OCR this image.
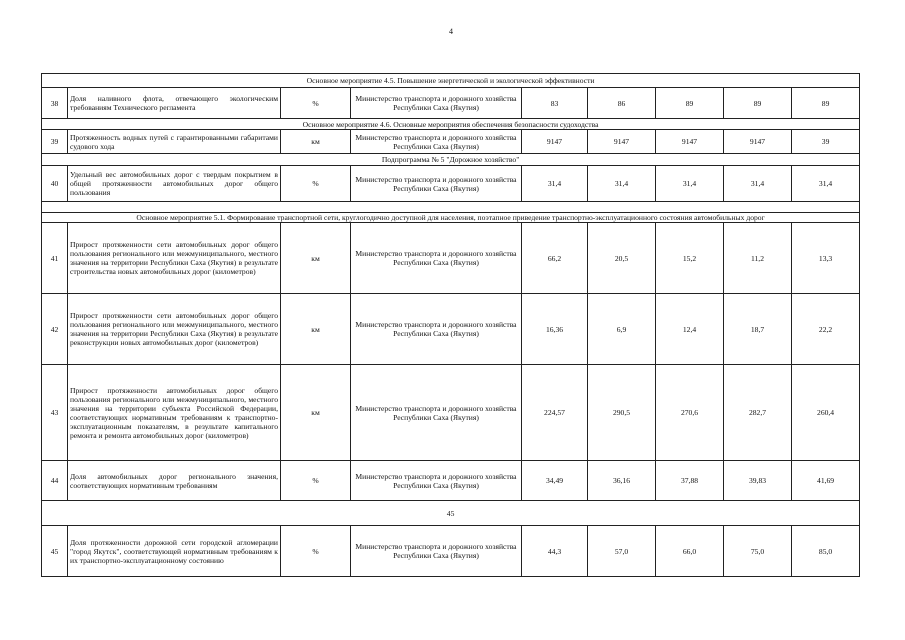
4
Основное мероприятие 4.5. Повышение энергетической и экологической эффективности								
38	Доля наливного флота, отвечающего экологическим требованиям Технического регламента	%	Министерство транспорта и дорожного хозяйства Республики Саха (Якутия)	83	86	89	89	89
Основное мероприятие 4.6. Основные мероприятия обеспечения безопасности судоходства								
39	Протяженность водных путей с гарантированными габаритами судового хода	км	Министерство транспорта и дорожного хозяйства Республики Саха (Якутия)	9147	9147	9147	9147	39
Подпрограмма № 5 "Дорожное хозяйство"								
40	Удельный вес автомобильных дорог с твердым покрытием в общей протяженности автомобильных дорог общего пользования	%	Министерство транспорта и дорожного хозяйства Республики Саха (Якутия)	31,4	31,4	31,4	31,4	31,4

Основное мероприятие 5.1. Формирование транспортной сети, круглогодично доступной для населения, поэтапное приведение транспортно-эксплуатационного состояния автомобильных дорог								
41	Прирост протяженности сети автомобильных дорог общего пользования регионального или межмуниципального, местного значения на территории Республики Саха (Якутия) в результате строительства новых автомобильных дорог (километров)	км	Министерство транспорта и дорожного хозяйства Республики Саха (Якутия)	66,2	20,5	15,2	11,2	13,3
42	Прирост протяженности сети автомобильных дорог общего пользования регионального или межмуниципального, местного значения на территории Республики Саха (Якутия) в результате реконструкции новых автомобильных дорог (километров)	км	Министерство транспорта и дорожного хозяйства Республики Саха (Якутия)	16,36	6,9	12,4	18,7	22,2
43	Прирост протяженности автомобильных дорог общего пользования регионального или межмуниципального, местного значения на территории субъекта Российской Федерации, соответствующих нормативным требованиям к транспортно-эксплуатационным показателям, в результате капитального ремонта и ремонта автомобильных дорог (километров)	км	Министерство транспорта и дорожного хозяйства Республики Саха (Якутия)	224,57	290,5	270,6	282,7	260,4
44	Доля автомобильных дорог регионального значения, соответствующих нормативным требованиям	%	Министерство транспорта и дорожного хозяйства Республики Саха (Якутия)	34,49	36,16	37,88	39,83	41,69
45								
45	Доля протяженности дорожной сети городской агломерации "город Якутск", соответствующей нормативным требованиям к их транспортно-эксплуатационному состоянию	%	Министерство транспорта и дорожного хозяйства Республики Саха (Якутия)	44,3	57,0	66,0	75,0	85,0
